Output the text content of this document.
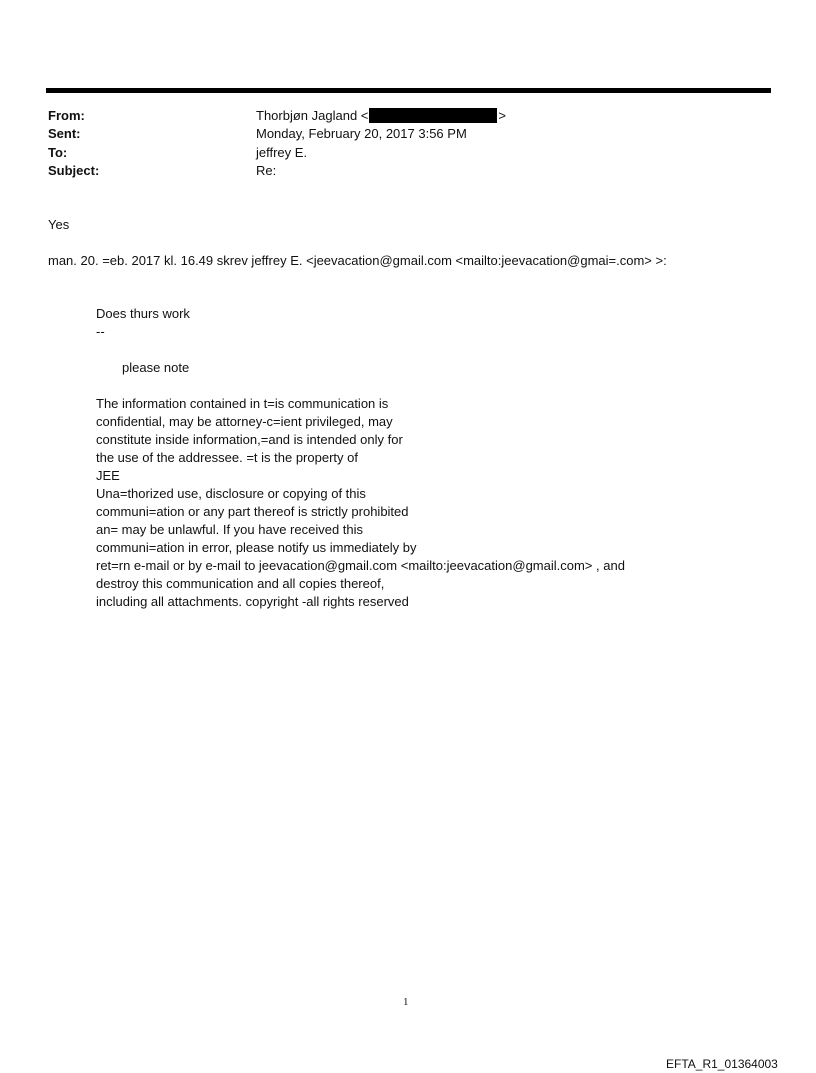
From:	Thorbjøn Jagland <	>
Sent:	Monday, February 20, 2017 3:56 PM
To:	jeffrey E.
Subject:	Re:
Yes
man. 20. =eb. 2017 kl. 16.49 skrev jeffrey E. <jeevacation@gmail.com <mailto:jeevacation@gmai=.com> >:
Does thurs work
--
please note
The information contained in t=is communication is
confidential, may be attorney-c=ient privileged, may
constitute inside information,=and is intended only for
the use of the addressee. =t is the property of
JEE
Una=thorized use, disclosure or copying of this
communi=ation or any part thereof is strictly prohibited
an= may be unlawful. If you have received this
communi=ation in error, please notify us immediately by
ret=rn e-mail or by e-mail to jeevacation@gmail.com <mailto:jeevacation@gmail.com> , and
destroy this communication and all copies thereof,
including all attachments. copyright -all rights reserved
1
EFTA_R1_01364003
